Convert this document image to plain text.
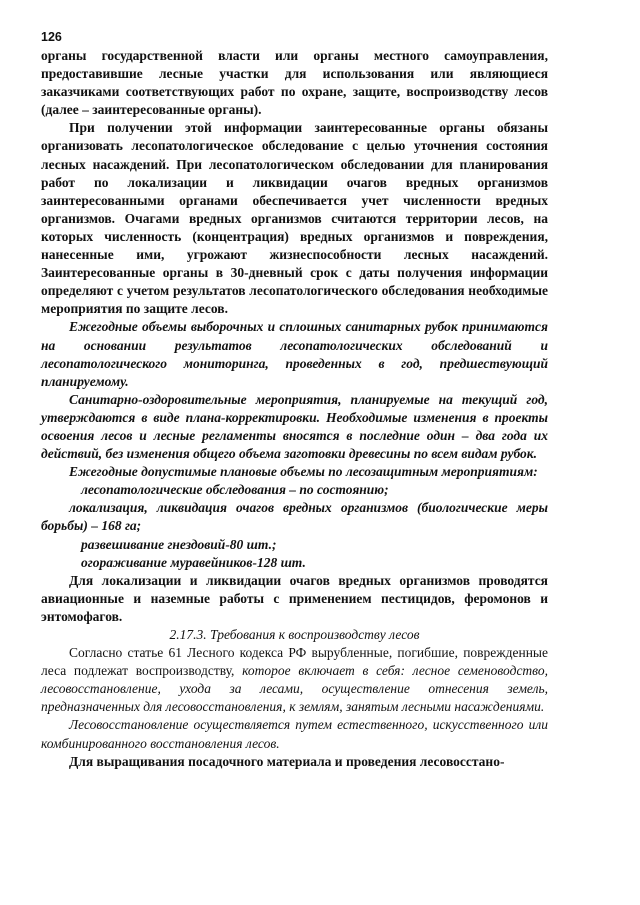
126

органы государственной власти или органы местного самоуправления, предоставившие лесные участки для использования или являющиеся заказчиками соответствующих работ по охране, защите, воспроизводству лесов (далее – заинтересованные органы).

При получении этой информации заинтересованные органы обязаны организовать лесопатологическое обследование с целью уточнения состояния лесных насаждений. При лесопатологическом обследовании для планирования работ по локализации и ликвидации очагов вредных организмов заинтересованными органами обеспечивается учет численности вредных организмов. Очагами вредных организмов считаются территории лесов, на которых численность (концентрация) вредных организмов и повреждения, нанесенные ими, угрожают жизнеспособности лесных насаждений. Заинтересованные органы в 30-дневный срок с даты получения информации определяют с учетом результатов лесопатологического обследования необходимые мероприятия по защите лесов.

Ежегодные объемы выборочных и сплошных санитарных рубок принимаются на основании результатов лесопатологических обследований и лесопатологического мониторинга, проведенных в год, предшествующий планируемому.

Санитарно-оздоровительные мероприятия, планируемые на текущий год, утверждаются в виде плана-корректировки. Необходимые изменения в проекты освоения лесов и лесные регламенты вносятся в последние один – два года их действий, без изменения общего объема заготовки древесины по всем видам рубок.

Ежегодные допустимые плановые объемы по лесозащитным мероприятиям:

лесопатологические обследования – по состоянию;

локализация, ликвидация очагов вредных организмов (биологические меры борьбы) – 168 га;

развешивание гнездовий-80 шт.;

огораживание муравейников-128 шт.

Для локализации и ликвидации очагов вредных организмов проводятся авиационные и наземные работы с применением пестицидов, феромонов и энтомофагов.

2.17.3. Требования к воспроизводству лесов

Согласно статье 61 Лесного кодекса РФ вырубленные, погибшие, поврежденные леса подлежат воспроизводству, которое включает в себя: лесное семеноводство, лесовосстановление, ухода за лесами, осуществление отнесения земель, предназначенных для лесовосстановления, к землям, занятым лесными насаждениями.

Лесовосстановление осуществляется путем естественного, искусственного или комбинированного восстановления лесов.

Для выращивания посадочного материала и проведения лесовосстано-
